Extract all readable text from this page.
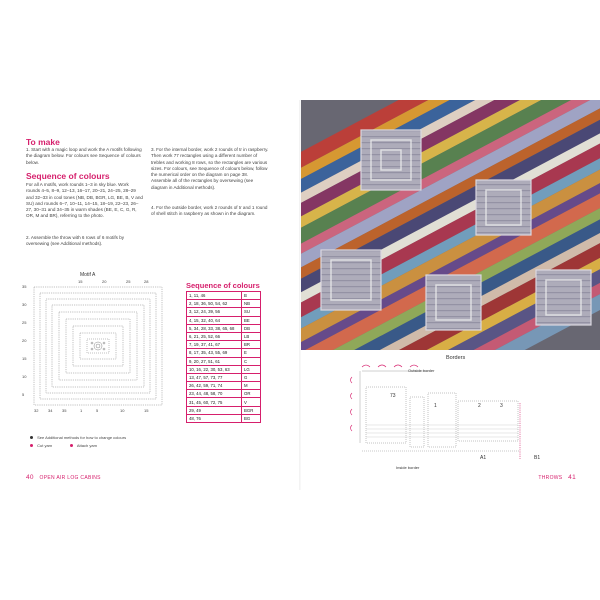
To make
1. Start with a magic loop and work the A motifs following the diagram below. For colours see Sequence of colours below.
Sequence of colours
For all A motifs, work rounds 1–3 in sky blue. Work rounds 4–5, 8–9, 12–13, 16–17, 20–21, 24–25, 28–29 and 32–33 in cool tones (NB, DB, BGR, LG, BE, B, V and SU) and rounds 6–7, 10–11, 14–15, 18–19, 22–23, 26–27, 30–31 and 34–35 in warm shades (BE, E, C, G, R, OR, M and BR), referring to the photo.
2. Assemble the throw with 6 rows of 6 motifs by oversewing (see Additional methods).
3. For the internal border, work 2 rounds of tr in raspberry. Then work 77 rectangles using a different number of trebles and working 8 rows, so the rectangles are various sizes. For colours, see Sequence of colours below, follow the numerical order on the diagram on page 38. Assemble all of the rectangles by oversewing (see diagram in Additional methods).
4. For the outside border, work 2 rounds of tr and 1 round of shell stitch in raspberry as shown in the diagram.
Motif A
15	20	25	28
35
30
25
20
15
10
5
32 34 35	1	5	10	15
See Additional methods for how to change colours
Cut yarn	Attach yarn
Sequence of colours
1, 11, 46	B
2, 18, 36, 50, 54, 62	NB
3, 12, 24, 39, 56	SU
4, 15, 32, 40, 64	BE
5, 34, 28, 33, 38, 65, 68	DB
6, 21, 25, 52, 66	LB
7, 19, 37, 41, 67	BR
8, 17, 35, 43, 55, 69	E
9, 20, 27, 51, 61	C
10, 16, 22, 30, 53, 63	LG
13, 47, 57, 73, 77	G
26, 42, 59, 71, 74	M
23, 44, 48, 58, 70	OR
31, 45, 60, 72, 75	V
29, 49	BGR
48, 76	BG
40 OPEN AIR LOG CABINS
Borders
Outside border
73
1	2	3
A1	B1
Inside border
THROWS 41
